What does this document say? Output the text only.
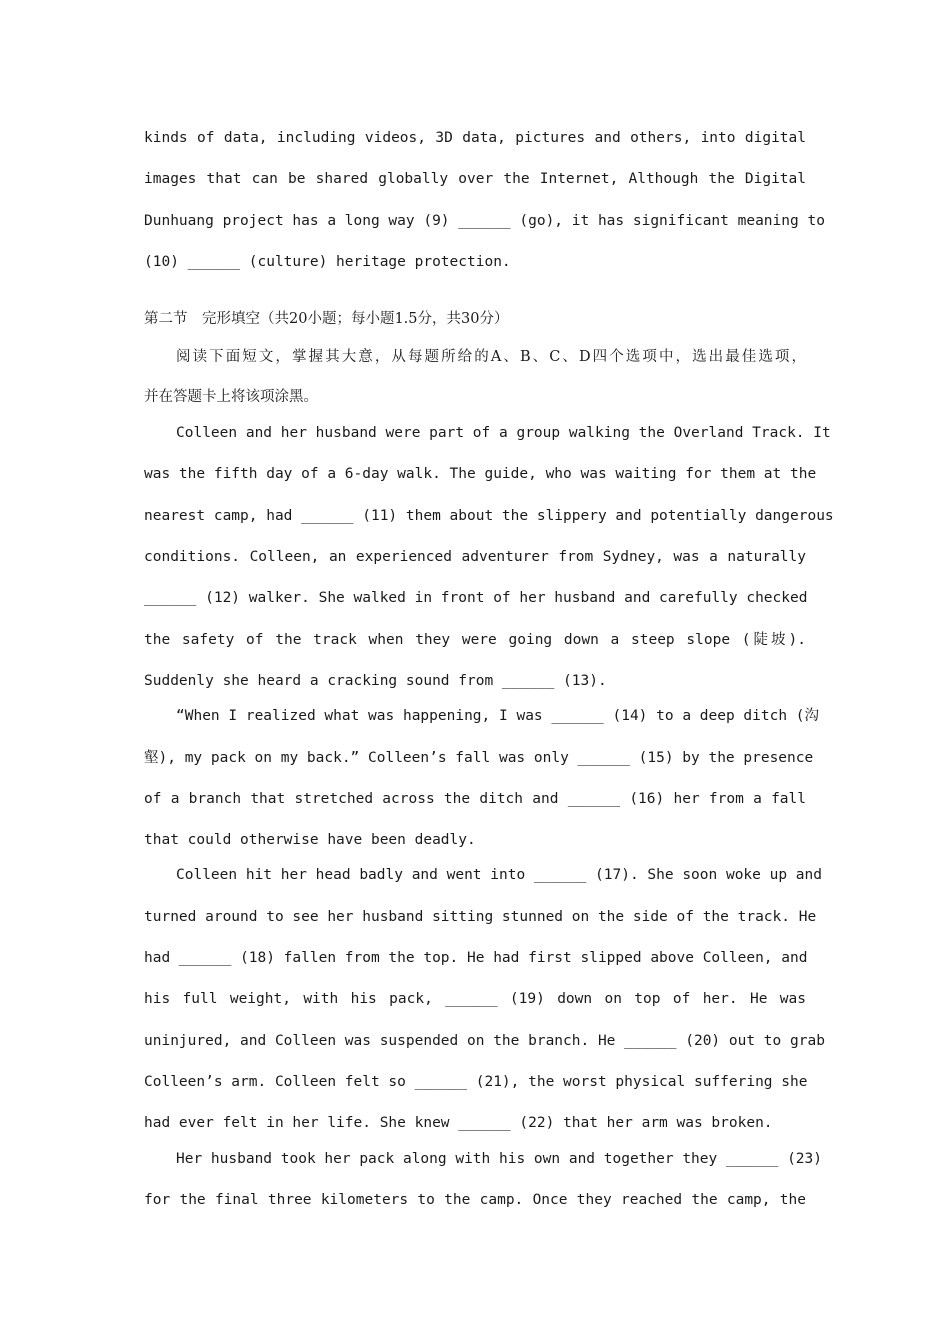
kinds of data, including videos, 3D data, pictures and others, into digital
images that can be shared globally over the Internet, Although the Digital
Dunhuang project has a long way (9) ______ (go), it has significant meaning to
(10) ______ (culture) heritage protection.
第二节　完形填空（共20小题；每小题1.5分，共30分）
阅读下面短文，掌握其大意，从每题所给的A、B、C、D四个选项中，选出最佳选项，
并在答题卡上将该项涂黑。
Colleen and her husband were part of a group walking the Overland Track. It
was the fifth day of a 6-day walk. The guide, who was waiting for them at the
nearest camp, had ______ (11) them about the slippery and potentially dangerous
conditions. Colleen, an experienced adventurer from Sydney, was a naturally
______ (12) walker. She walked in front of her husband and carefully checked
the safety of the track when they were going down a steep slope (陡坡).
Suddenly she heard a cracking sound from ______ (13).
“When I realized what was happening, I was ______ (14) to a deep ditch (沟
壑), my pack on my back.” Colleen’s fall was only ______ (15) by the presence
of a branch that stretched across the ditch and ______ (16) her from a fall
that could otherwise have been deadly.
Colleen hit her head badly and went into ______ (17). She soon woke up and
turned around to see her husband sitting stunned on the side of the track. He
had ______ (18) fallen from the top. He had first slipped above Colleen, and
his full weight, with his pack, ______ (19) down on top of her. He was
uninjured, and Colleen was suspended on the branch. He ______ (20) out to grab
Colleen’s arm. Colleen felt so ______ (21), the worst physical suffering she
had ever felt in her life. She knew ______ (22) that her arm was broken.
Her husband took her pack along with his own and together they ______ (23)
for the final three kilometers to the camp. Once they reached the camp, the
